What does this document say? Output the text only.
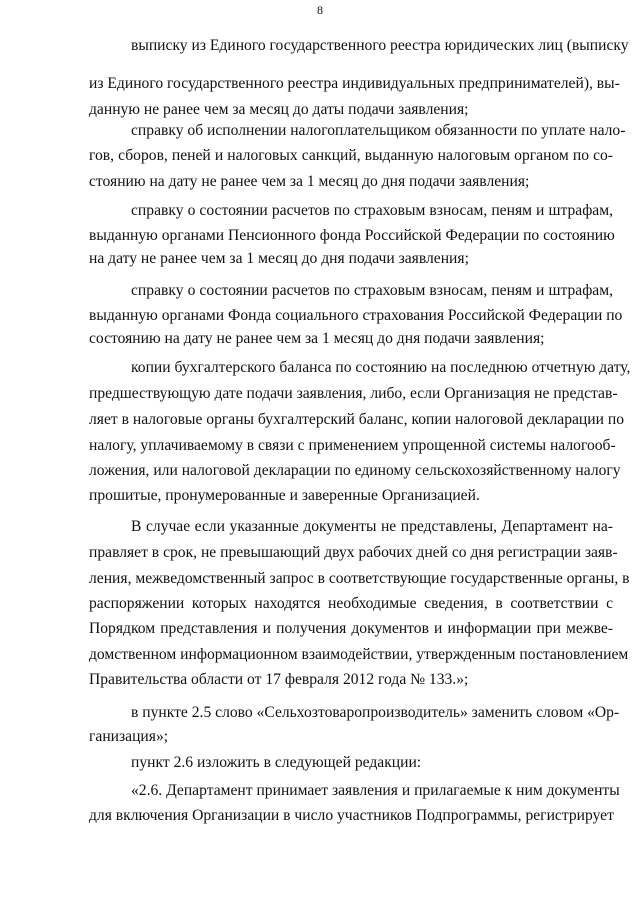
8
выписку из Единого государственного реестра юридических лиц (выписку
из Единого государственного реестра индивидуальных предпринимателей), вы-
данную не ранее чем за месяц до даты подачи заявления;
справку об исполнении налогоплательщиком обязанности по уплате нало-
гов, сборов, пеней и налоговых санкций, выданную налоговым органом по со-
стоянию на дату не ранее чем за 1 месяц до дня подачи заявления;
справку о состоянии расчетов по страховым взносам, пеням и штрафам,
выданную органами Пенсионного фонда Российской Федерации по состоянию
на дату не ранее чем за 1 месяц до дня подачи заявления;
справку о состоянии расчетов по страховым взносам, пеням и штрафам,
выданную органами Фонда социального страхования Российской Федерации по
состоянию на дату не ранее чем за 1 месяц до дня подачи заявления;
копии бухгалтерского баланса по состоянию на последнюю отчетную дату,
предшествующую дате подачи заявления, либо, если Организация не представ-
ляет в налоговые органы бухгалтерский баланс, копии налоговой декларации по
налогу, уплачиваемому в связи с применением упрощенной системы налогооб-
ложения, или налоговой декларации по единому сельскохозяйственному налогу
прошитые, пронумерованные и заверенные Организацией.
В случае если указанные документы не представлены, Департамент на-
правляет в срок, не превышающий двух рабочих дней со дня регистрации заяв-
ления, межведомственный запрос в соответствующие государственные органы, в
распоряжении которых находятся необходимые сведения, в соответствии с
Порядком представления и получения документов и информации при межве-
домственном информационном взаимодействии, утвержденным постановлением
Правительства области от 17 февраля 2012 года № 133.»;
в пункте 2.5 слово «Сельхозтоваропроизводитель» заменить словом «Ор-
ганизация»;
пункт 2.6 изложить в следующей редакции:
«2.6. Департамент принимает заявления и прилагаемые к ним документы
для включения Организации в число участников Подпрограммы, регистрирует
